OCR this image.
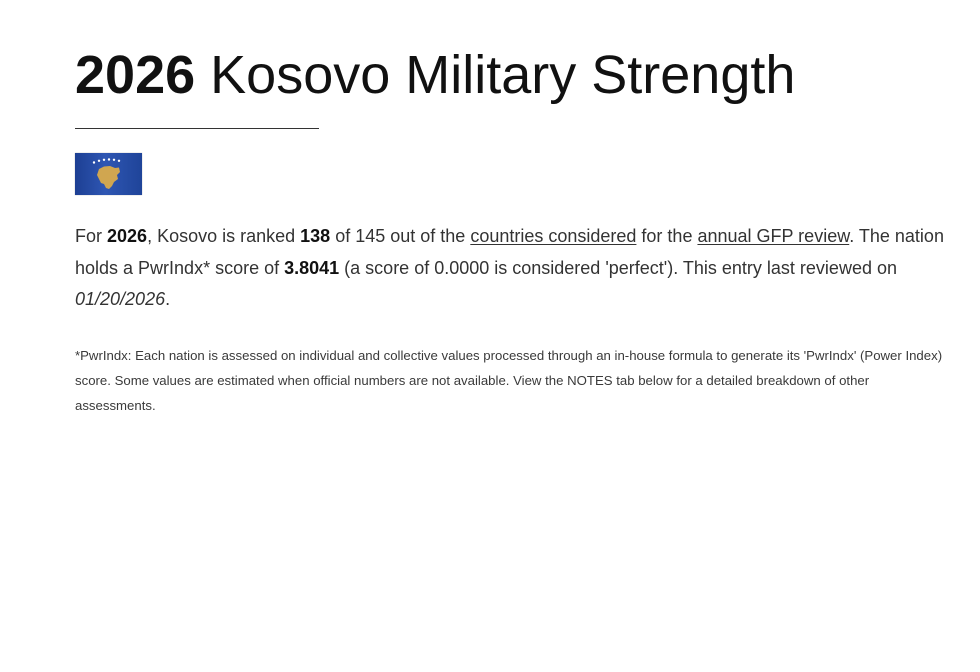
2026 Kosovo Military Strength

For 2026, Kosovo is ranked 138 of 145 out of the countries considered for the annual GFP review. The nation holds a PwrIndx* score of 3.8041 (a score of 0.0000 is considered 'perfect'). This entry last reviewed on 01/20/2026.

*PwrIndx: Each nation is assessed on individual and collective values processed through an in-house formula to generate its 'PwrIndx' (Power Index) score. Some values are estimated when official numbers are not available. View the NOTES tab below for a detailed breakdown of other assessments.
